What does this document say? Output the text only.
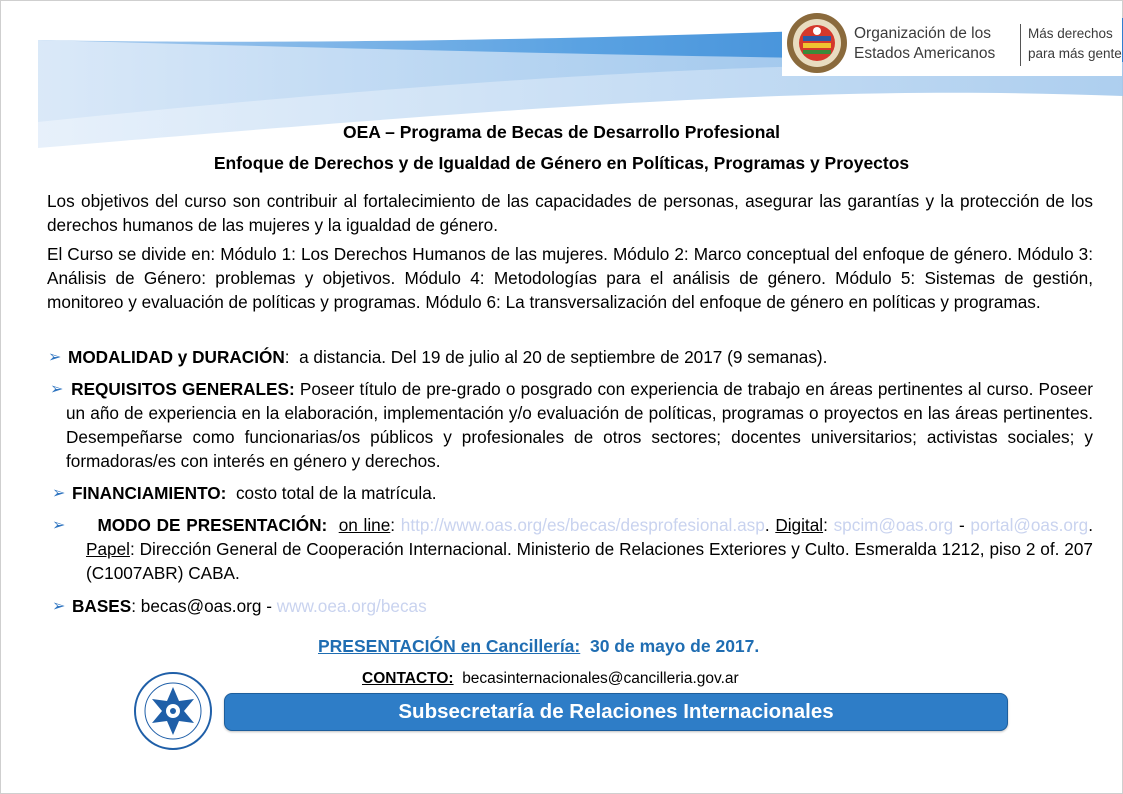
Organización de los
Estados Americanos
Más derechos
para más gente
OEA – Programa de Becas de Desarrollo Profesional
Enfoque de Derechos y de Igualdad de Género en Políticas, Programas y Proyectos
Los objetivos del curso son contribuir al fortalecimiento de las capacidades de personas, asegurar las garantías y la protección de los derechos humanos de las mujeres y la igualdad de género.
El Curso se divide en: Módulo 1: Los Derechos Humanos de las mujeres. Módulo 2: Marco conceptual del enfoque de género. Módulo 3: Análisis de Género: problemas y objetivos. Módulo 4: Metodologías para el análisis de género. Módulo 5: Sistemas de gestión, monitoreo y evaluación de políticas y programas. Módulo 6: La transversalización del enfoque de género en políticas y programas.
➢ MODALIDAD y DURACIÓN:  a distancia. Del 19 de julio al 20 de septiembre de 2017 (9 semanas).
➢ REQUISITOS GENERALES: Poseer título de pre-grado o posgrado con experiencia de trabajo en áreas pertinentes al curso. Poseer un año de experiencia en la elaboración, implementación y/o evaluación de políticas, programas o proyectos en las áreas pertinentes. Desempeñarse como funcionarias/os públicos y profesionales de otros sectores; docentes universitarios; activistas sociales; y formadoras/es con interés en género y derechos.
➢ FINANCIAMIENTO: costo total de la matrícula.
➢	MODO DE PRESENTACIÓN: on line: http://www.oas.org/es/becas/desprofesional.asp. Digital: spcim@oas.org - portal@oas.org. Papel: Dirección General de Cooperación Internacional. Ministerio de Relaciones Exteriores y Culto. Esmeralda 1212, piso 2 of. 207 (C1007ABR) CABA.
➢ BASES: becas@oas.org - www.oea.org/becas
PRESENTACIÓN en Cancillería: 30 de mayo de 2017.
CONTACTO: becasinternacionales@cancilleria.gov.ar
Subsecretaría de Relaciones Internacionales
